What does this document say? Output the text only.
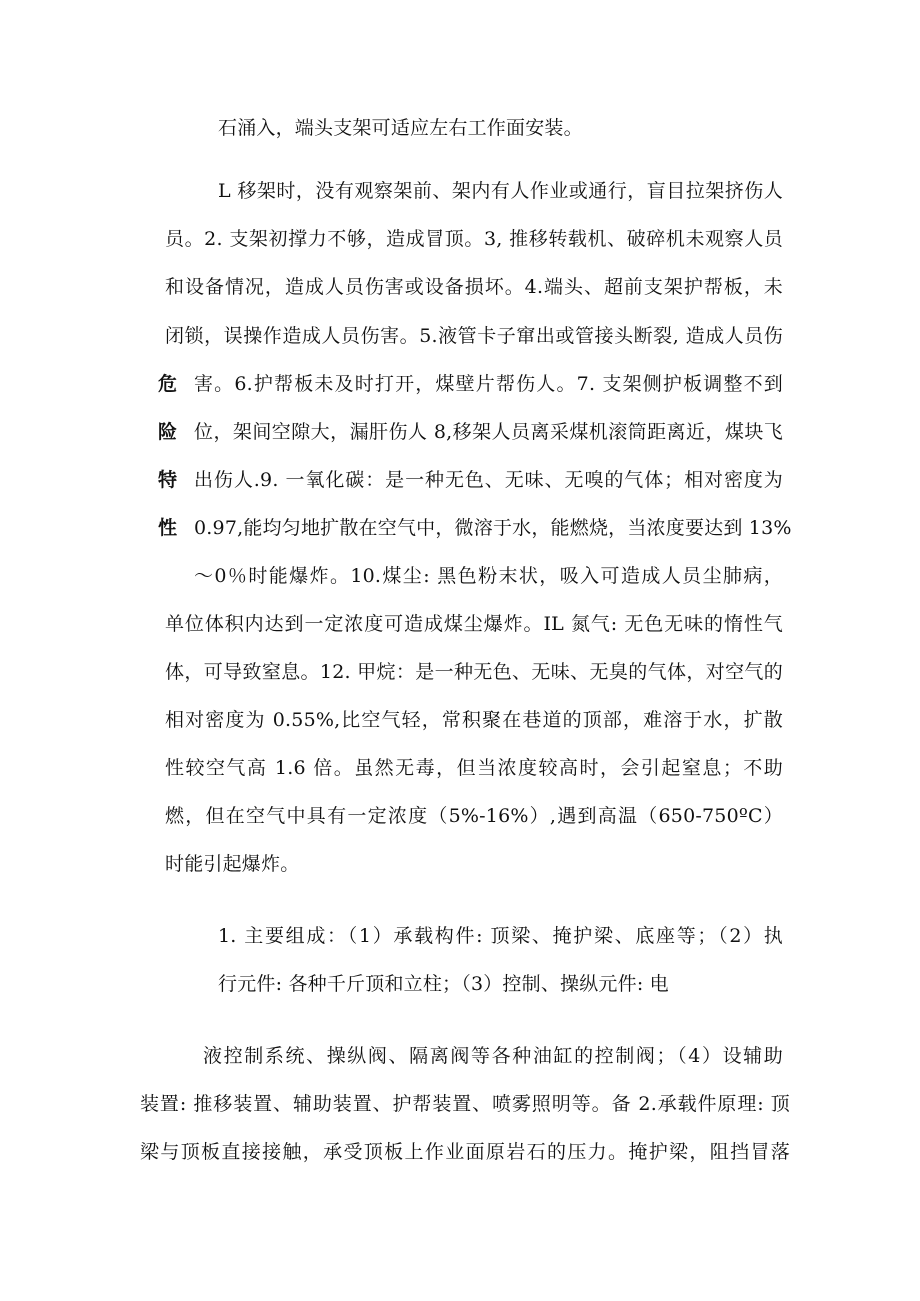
石涌入，端头支架可适应左右工作面安装。
危
险
特
性
L 移架时，没有观察架前、架内有人作业或通行，盲目拉架挤伤人
员。2. 支架初撑力不够，造成冒顶。3, 推移转载机、破碎机未观察人员
和设备情况，造成人员伤害或设备损坏。4.端头、超前支架护帮板，未
闭锁，误操作造成人员伤害。5.液管卡子窜出或管接头断裂, 造成人员伤
害。6.护帮板未及时打开，煤壁片帮伤人。7. 支架侧护板调整不到
位，架间空隙大，漏肝伤人 8,移架人员离采煤机滚筒距离近，煤块飞
出伤人.9. 一氧化碳：是一种无色、无味、无嗅的气体；相对密度为
0.97,能均匀地扩散在空气中，微溶于水，能燃烧，当浓度要达到 13%
～0％时能爆炸。10.煤尘: 黑色粉末状，吸入可造成人员尘肺病，
单位体积内达到一定浓度可造成煤尘爆炸。IL 氮气: 无色无味的惰性气
体，可导致窒息。12. 甲烷：是一种无色、无味、无臭的气体，对空气的
相对密度为 0.55%,比空气轻，常积聚在巷道的顶部，难溶于水，扩散
性较空气高 1.6 倍。虽然无毒，但当浓度较高时，会引起窒息；不助
燃，但在空气中具有一定浓度（5%-16%）,遇到高温（650-750ºC）
时能引起爆炸。
1. 主要组成：（1）承载构件: 顶梁、掩护梁、底座等；（2）执
行元件: 各种千斤顶和立柱；（3）控制、操纵元件: 电
液控制系统、操纵阀、隔离阀等各种油缸的控制阀；（4）设辅助
装置: 推移装置、辅助装置、护帮装置、喷雾照明等。备 2.承载件原理: 顶
梁与顶板直接接触，承受顶板上作业面原岩石的压力。掩护梁，阻挡冒落
